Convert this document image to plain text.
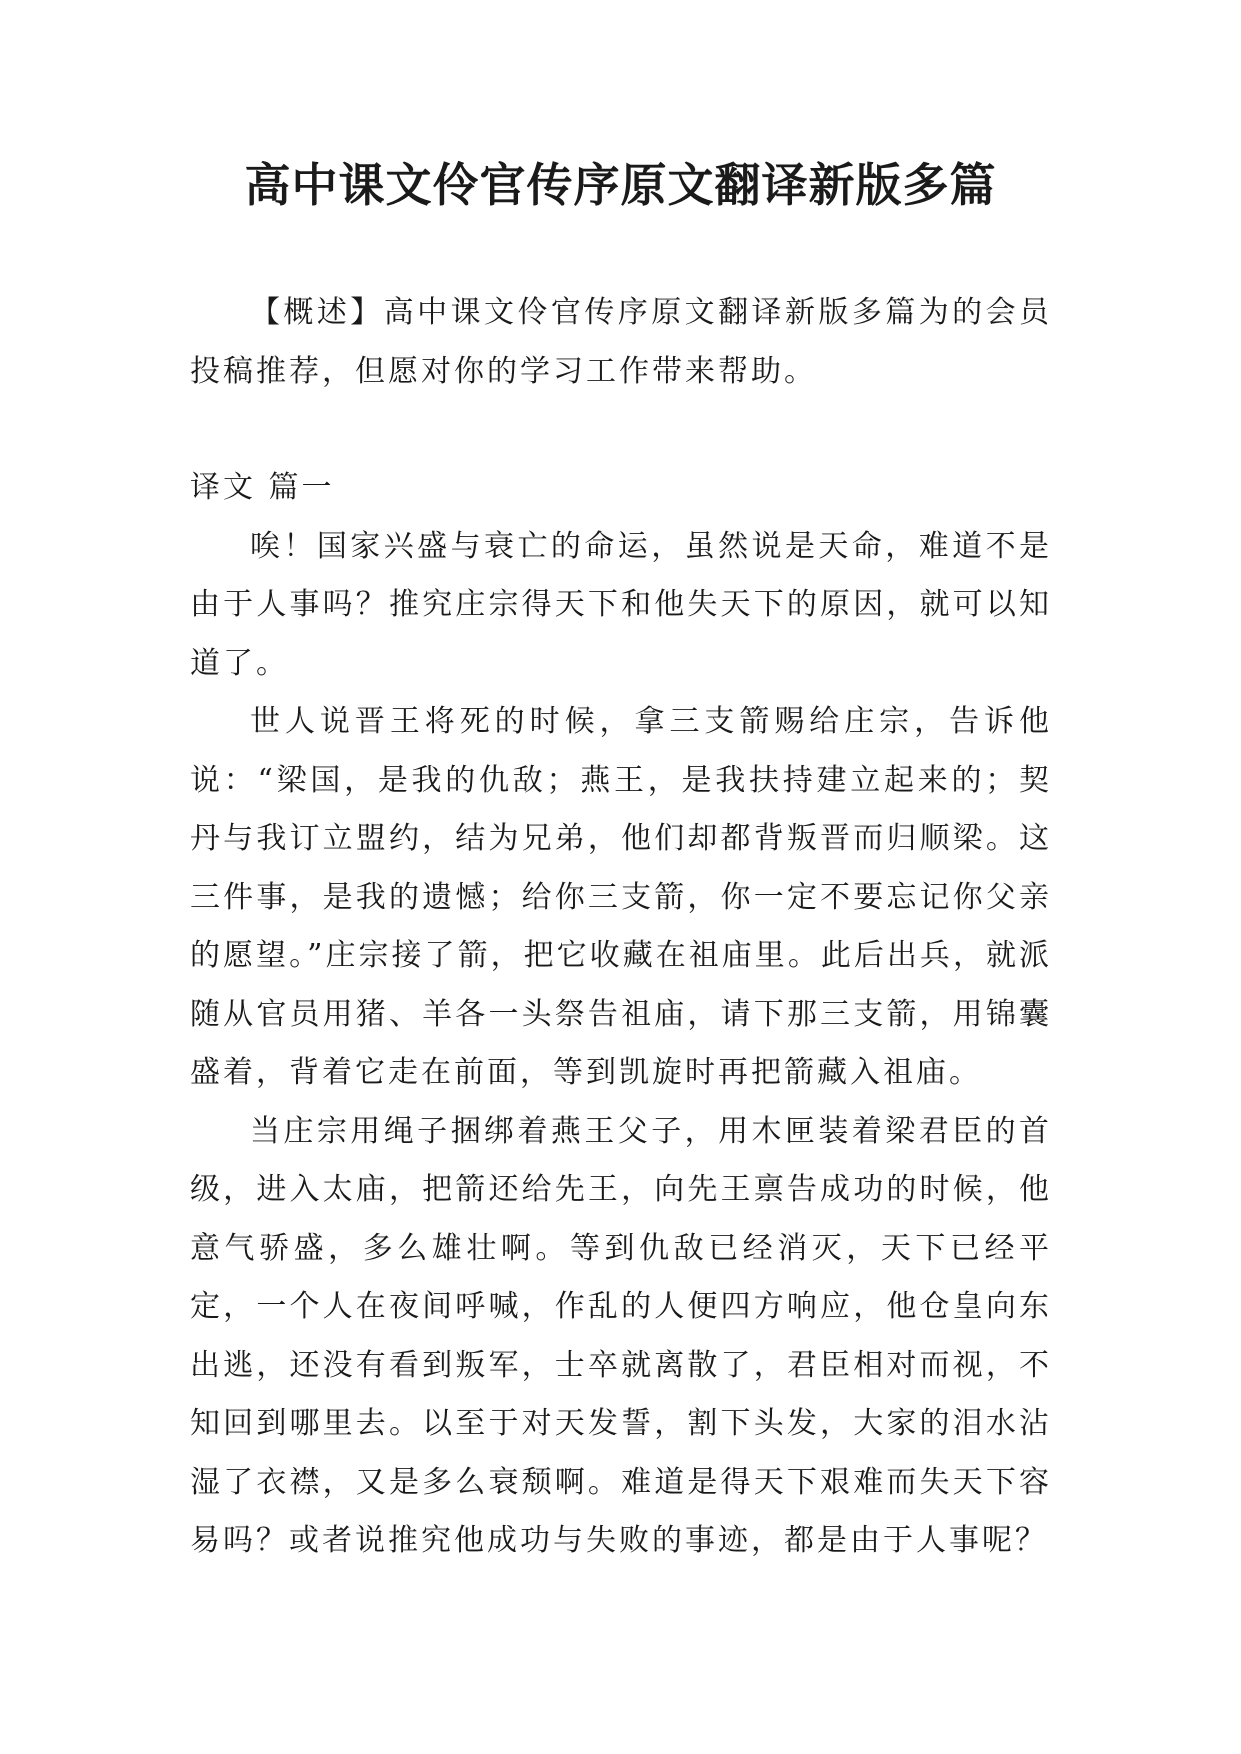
高中课文伶官传序原文翻译新版多篇

【概述】高中课文伶官传序原文翻译新版多篇为的会员投稿推荐，但愿对你的学习工作带来帮助。

译文 篇一

唉！国家兴盛与衰亡的命运，虽然说是天命，难道不是由于人事吗？推究庄宗得天下和他失天下的原因，就可以知道了。

世人说晋王将死的时候，拿三支箭赐给庄宗，告诉他说：“梁国，是我的仇敌；燕王，是我扶持建立起来的；契丹与我订立盟约，结为兄弟，他们却都背叛晋而归顺梁。这三件事，是我的遗憾；给你三支箭，你一定不要忘记你父亲的愿望。”庄宗接了箭，把它收藏在祖庙里。此后出兵，就派随从官员用猪、羊各一头祭告祖庙，请下那三支箭，用锦囊盛着，背着它走在前面，等到凯旋时再把箭藏入祖庙。

当庄宗用绳子捆绑着燕王父子，用木匣装着梁君臣的首级，进入太庙，把箭还给先王，向先王禀告成功的时候，他意气骄盛，多么雄壮啊。等到仇敌已经消灭，天下已经平定，一个人在夜间呼喊，作乱的人便四方响应，他仓皇向东出逃，还没有看到叛军，士卒就离散了，君臣相对而视，不知回到哪里去。以至于对天发誓，割下头发，大家的泪水沾湿了衣襟，又是多么衰颓啊。难道是得天下艰难而失天下容易吗？或者说推究他成功与失败的事迹，都是由于人事呢？
